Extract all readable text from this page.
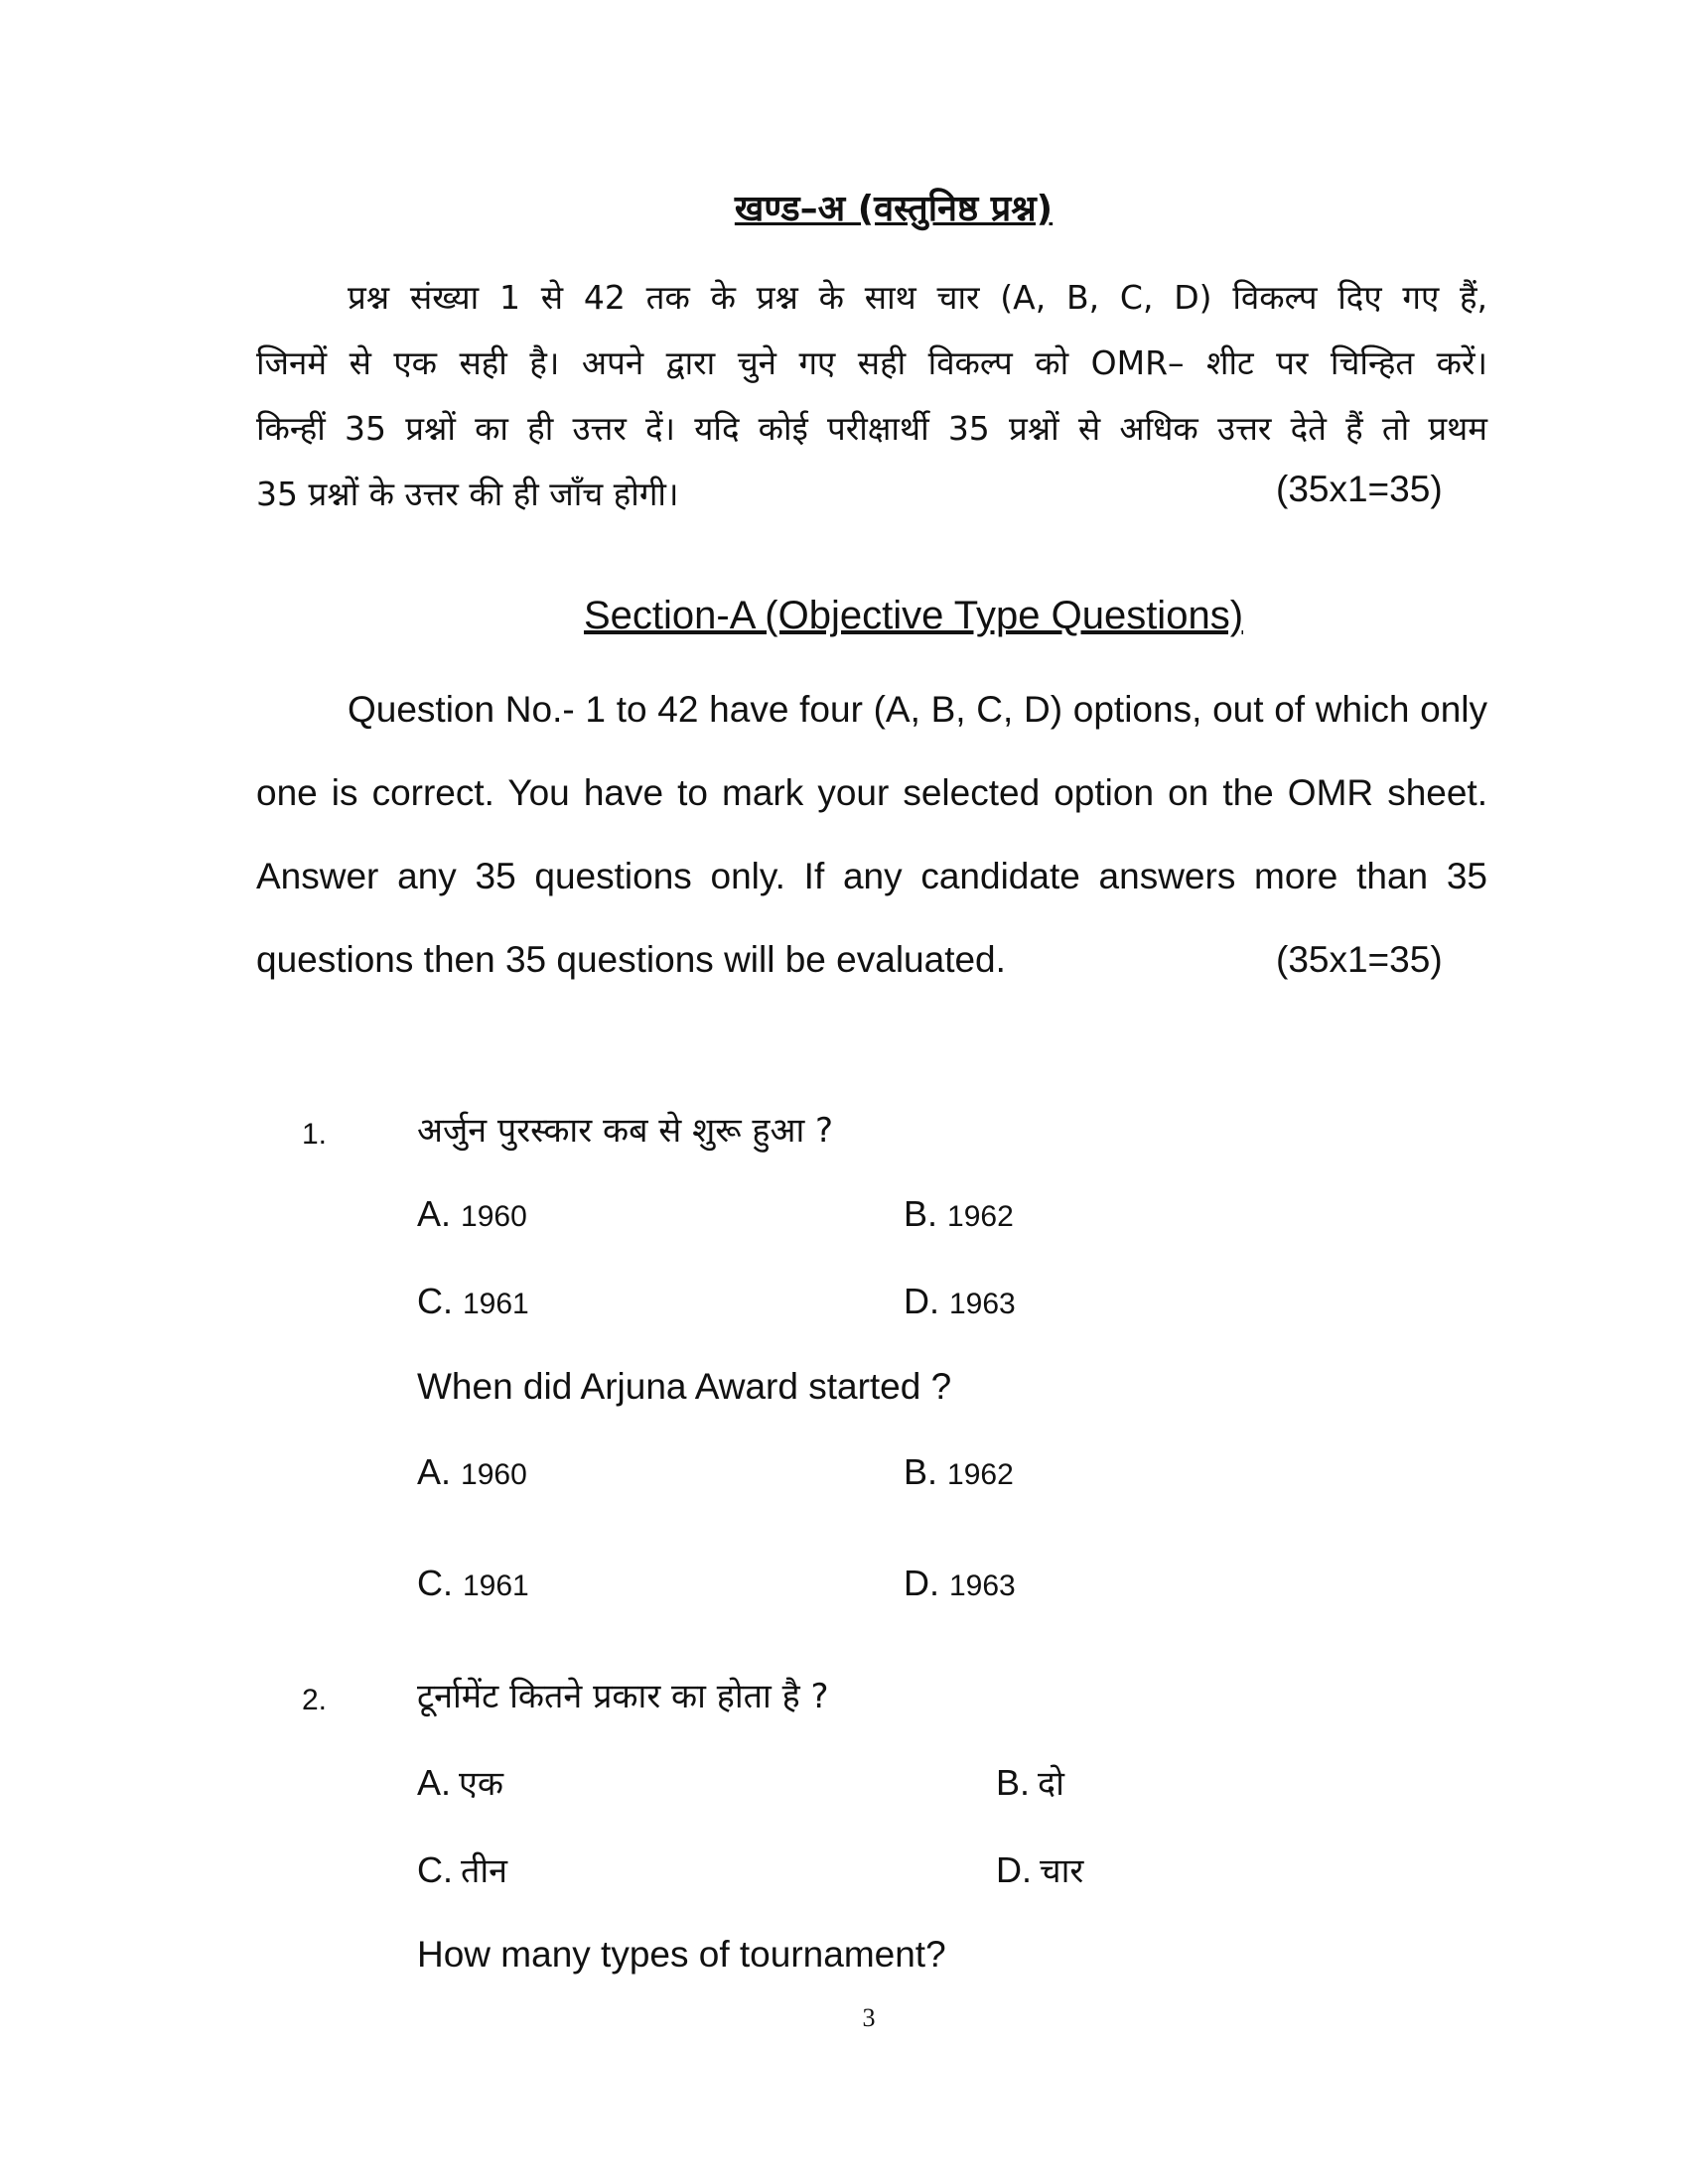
खण्ड–अ (वस्तुनिष्ठ प्रश्न)
प्रश्न संख्या 1 से 42 तक के प्रश्न के साथ चार (A, B, C, D) विकल्प दिए गए हैं,
जिनमें से एक सही है। अपने द्वारा चुने गए सही विकल्प को OMR– शीट पर चिन्हित करें।
किन्हीं 35 प्रश्नों का ही उत्तर दें। यदि कोई परीक्षार्थी 35 प्रश्नों से अधिक उत्तर देते हैं तो प्रथम
35 प्रश्नों के उत्तर की ही जाँच होगी।	(35x1=35)
Section-A (Objective Type Questions)
Question No.- 1 to 42 have four (A, B, C, D) options, out of which only
one is correct. You have to mark your selected option on the OMR sheet.
Answer any 35 questions only. If any candidate answers more than 35
questions then 35 questions will be evaluated.	(35x1=35)
1.	अर्जुन पुरस्कार कब से शुरू हुआ ?
A. 1960	B. 1962
C. 1961	D. 1963
When did Arjuna Award started ?
A. 1960	B. 1962
C. 1961	D. 1963
2.	टूर्नामेंट कितने प्रकार का होता है ?
A. एक	B. दो
C. तीन	D. चार
How many types of tournament?
3
